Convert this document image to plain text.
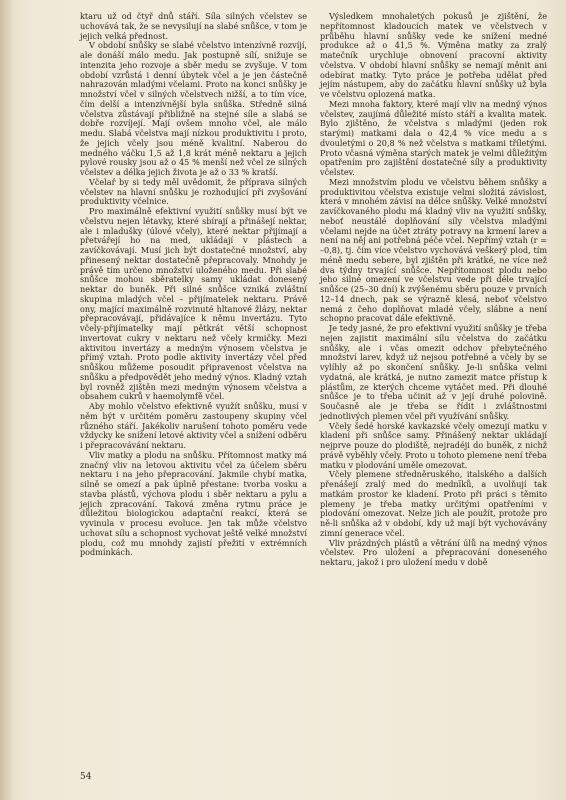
ktaru už od čtyř dnů stáří. Síla silných včelstev se uchovává tak, že se nevysilují na slabé snůšce, v tom je jejich velká přednost.

V období snůšky se slabé včelstvo intenzívně rozvíjí, ale donáší málo medu. Jak postupně sílí, snižuje se intenzita jeho rozvoje a sběr medu se zvyšuje. V tom období vzrůstá i denní úbytek včel a je jen částečně nahrazován mladými včelami. Proto na konci snůšky je množství včel v silných včelstvech nižší, a to tím více, čím delší a intenzívnější byla snůška. Středně silná včelstva zůstávají přibližně na stejné síle a slabá se dobře rozvíjejí. Mají ovšem mnoho včel, ale málo medu. Slabá včelstva mají nízkou produktivitu i proto, že jejich včely jsou méně kvalitní. Naberou do medného váčku 1,5 až 1,8 krát méně nektaru a jejich pylové rousky jsou až o 45 % menší než včel ze silných včelstev a délka jejich života je až o 33 % kratší.

Včelař by si tedy měl uvědomit, že příprava silných včelstev na hlavní snůšku je rozhodující při zvyšování produktivity včelnice.

Pro maximálně efektivní využití snůšky musí být ve včelstvu nejen létavky, které sbírají a přinášejí nektar, ale i mladušky (úlové včely), které nektar přijímají a přetvářejí ho na med, ukládají v plástech a zavíčkovávají. Musí jich být dostatečné množství, aby přinesený nektar dostatečně přepracovaly. Mnohdy je právě tím určeno množství uloženého medu. Při slabé snůšce mohou sběratelky samy ukládat donesený nektar do buněk. Při silné snůšce vzniká zvláštní skupina mladých včel – přijímatelek nektaru. Právě ony, mající maximálně rozvinuté hltanové žlázy, nektar přepracovávají, přidávajíce k němu invertázu. Tyto včely-přijímatelky mají pětkrát větší schopnost invertovat cukry v nektaru než včely krmičky. Mezi aktivitou invertázy a medným výnosem včelstva je přímý vztah. Proto podle aktivity invertázy včel před snůškou můžeme posoudit připravenost včelstva na snůšku a předpovědět jeho medný výnos. Kladný vztah byl rovněž zjištěn mezi medným výnosem včelstva a obsahem cukrů v haemolymfě včel.

Aby mohlo včelstvo efektivně využít snůšku, musí v něm být v určitém poměru zastoupeny skupiny včel různého stáří. Jakékoliv narušení tohoto poměru vede vždycky ke snížení letové aktivity včel a snížení odběru i přepracovávání nektaru.

Vliv matky a plodu na snůšku. Přítomnost matky má značný vliv na letovou aktivitu včel za účelem sběru nektaru i na jeho přepracování. Jakmile chybí matka, silně se omezí a pak úplně přestane: tvorba vosku a stavba plástů, výchova plodu i sběr nektaru a pylu a jejich zpracování. Taková změna rytmu práce je důležitou biologickou adaptační reakcí, která se vyvinula v procesu evoluce. Jen tak může včelstvo uchovat sílu a schopnost vychovat ještě velké množství plodu, což mu mnohdy zajistí přežití v extrémních podmínkách.

Výsledkem mnohaletých pokusů je zjištění, že nepřítomnost kladoucích matek ve včelstvech v průběhu hlavní snůšky vede ke snížení medné produkce až o 41,5 %. Výměna matky za zralý matečník urychluje obnovení pracovní aktivity včelstva. V období hlavní snůšky se nemají měnit ani odebírat matky. Tyto práce je potřeba udělat před jejím nástupem, aby do začátku hlavní snůšky už byla ve včelstvu oplozená matka.

Mezi mnoha faktory, které mají vliv na medný výnos včelstev, zaujímá důležité místo stáří a kvalita matek. Bylo zjištěno, že včelstva s mladými (jeden rok starými) matkami dala o 42,4 % více medu a s dvouletými o 20,8 % než včelstva s matkami tříletými. Proto včasná výměna starých matek je velmi důležitým opatřením pro zajištění dostatečné síly a produktivity včelstev.

Mezi množstvím plodu ve včelstvu během snůšky a produktivitou včelstva existuje velmi složitá závislost, která v mnohém závisí na délce snůšky. Velké množství zavíčkovaného plodu má kladný vliv na využití snůšky, neboť neustálé doplňování síly včelstva mladými včelami nejde na účet ztráty potravy na krmení larev a není na něj ani potřebná péče včel. Nepřímý vztah (r = –0,8), tj. čím více včelstvo vychovává veškerý plod, tím méně medu sebere, byl zjištěn při krátké, ne více než dva týdny trvající snůšce. Nepřítomnost plodu nebo jeho silné omezení ve včelstvu vede při déle trvající snůšce (25–30 dní) k zvýšenému sběru pouze v prvních 12–14 dnech, pak se výrazně klesá, neboť včelstvo nemá z čeho doplňovat mladé včely, slábne a není schopno pracovat dále efektivně.

Je tedy jasné, že pro efektivní využití snůšky je třeba nejen zajistit maximální sílu včelstva do začátku snůšky, ale i včas omezit odchov přebytečného množství larev, když už nejsou potřebné a včely by se vylíhly až po skončení snůšky. Je-li snůška velmi vydatná, ale krátká, je nutno zamezit matce přístup k plástům, ze kterých chceme vytáčet med. Při dlouhé snůšce je to třeba učinit až v její druhé polovině. Současně ale je třeba se řídit i zvláštnostmi jednotlivých plemen včel při využívání snůšky.

Včely šedé horské kavkazské včely omezují matku v kladení při snůšce samy. Přinášený nektar ukládají nejprve pouze do plodiště, nejradéji do buněk, z nichž právě vyběhly včely. Proto u tohoto plemene není třeba matku v plodování uměle omezovat.

Včely plemene středněruského, italského a dalších přenášejí zralý med do mednīků, a uvolňují tak matkám prostor ke kladení. Proto při práci s těmito plemeny je třeba matky určitými opatřeními v plodování omezovat. Nelze jich ale použít, protože pro ně-li snůška až v období, kdy už mají být vychovávány zimní generace včel.

Vliv prázdných plástů a větrání úlů na medný výnos včelstev. Pro uložení a přepracování doneseného nektaru, jakož i pro uložení medu v době

54
